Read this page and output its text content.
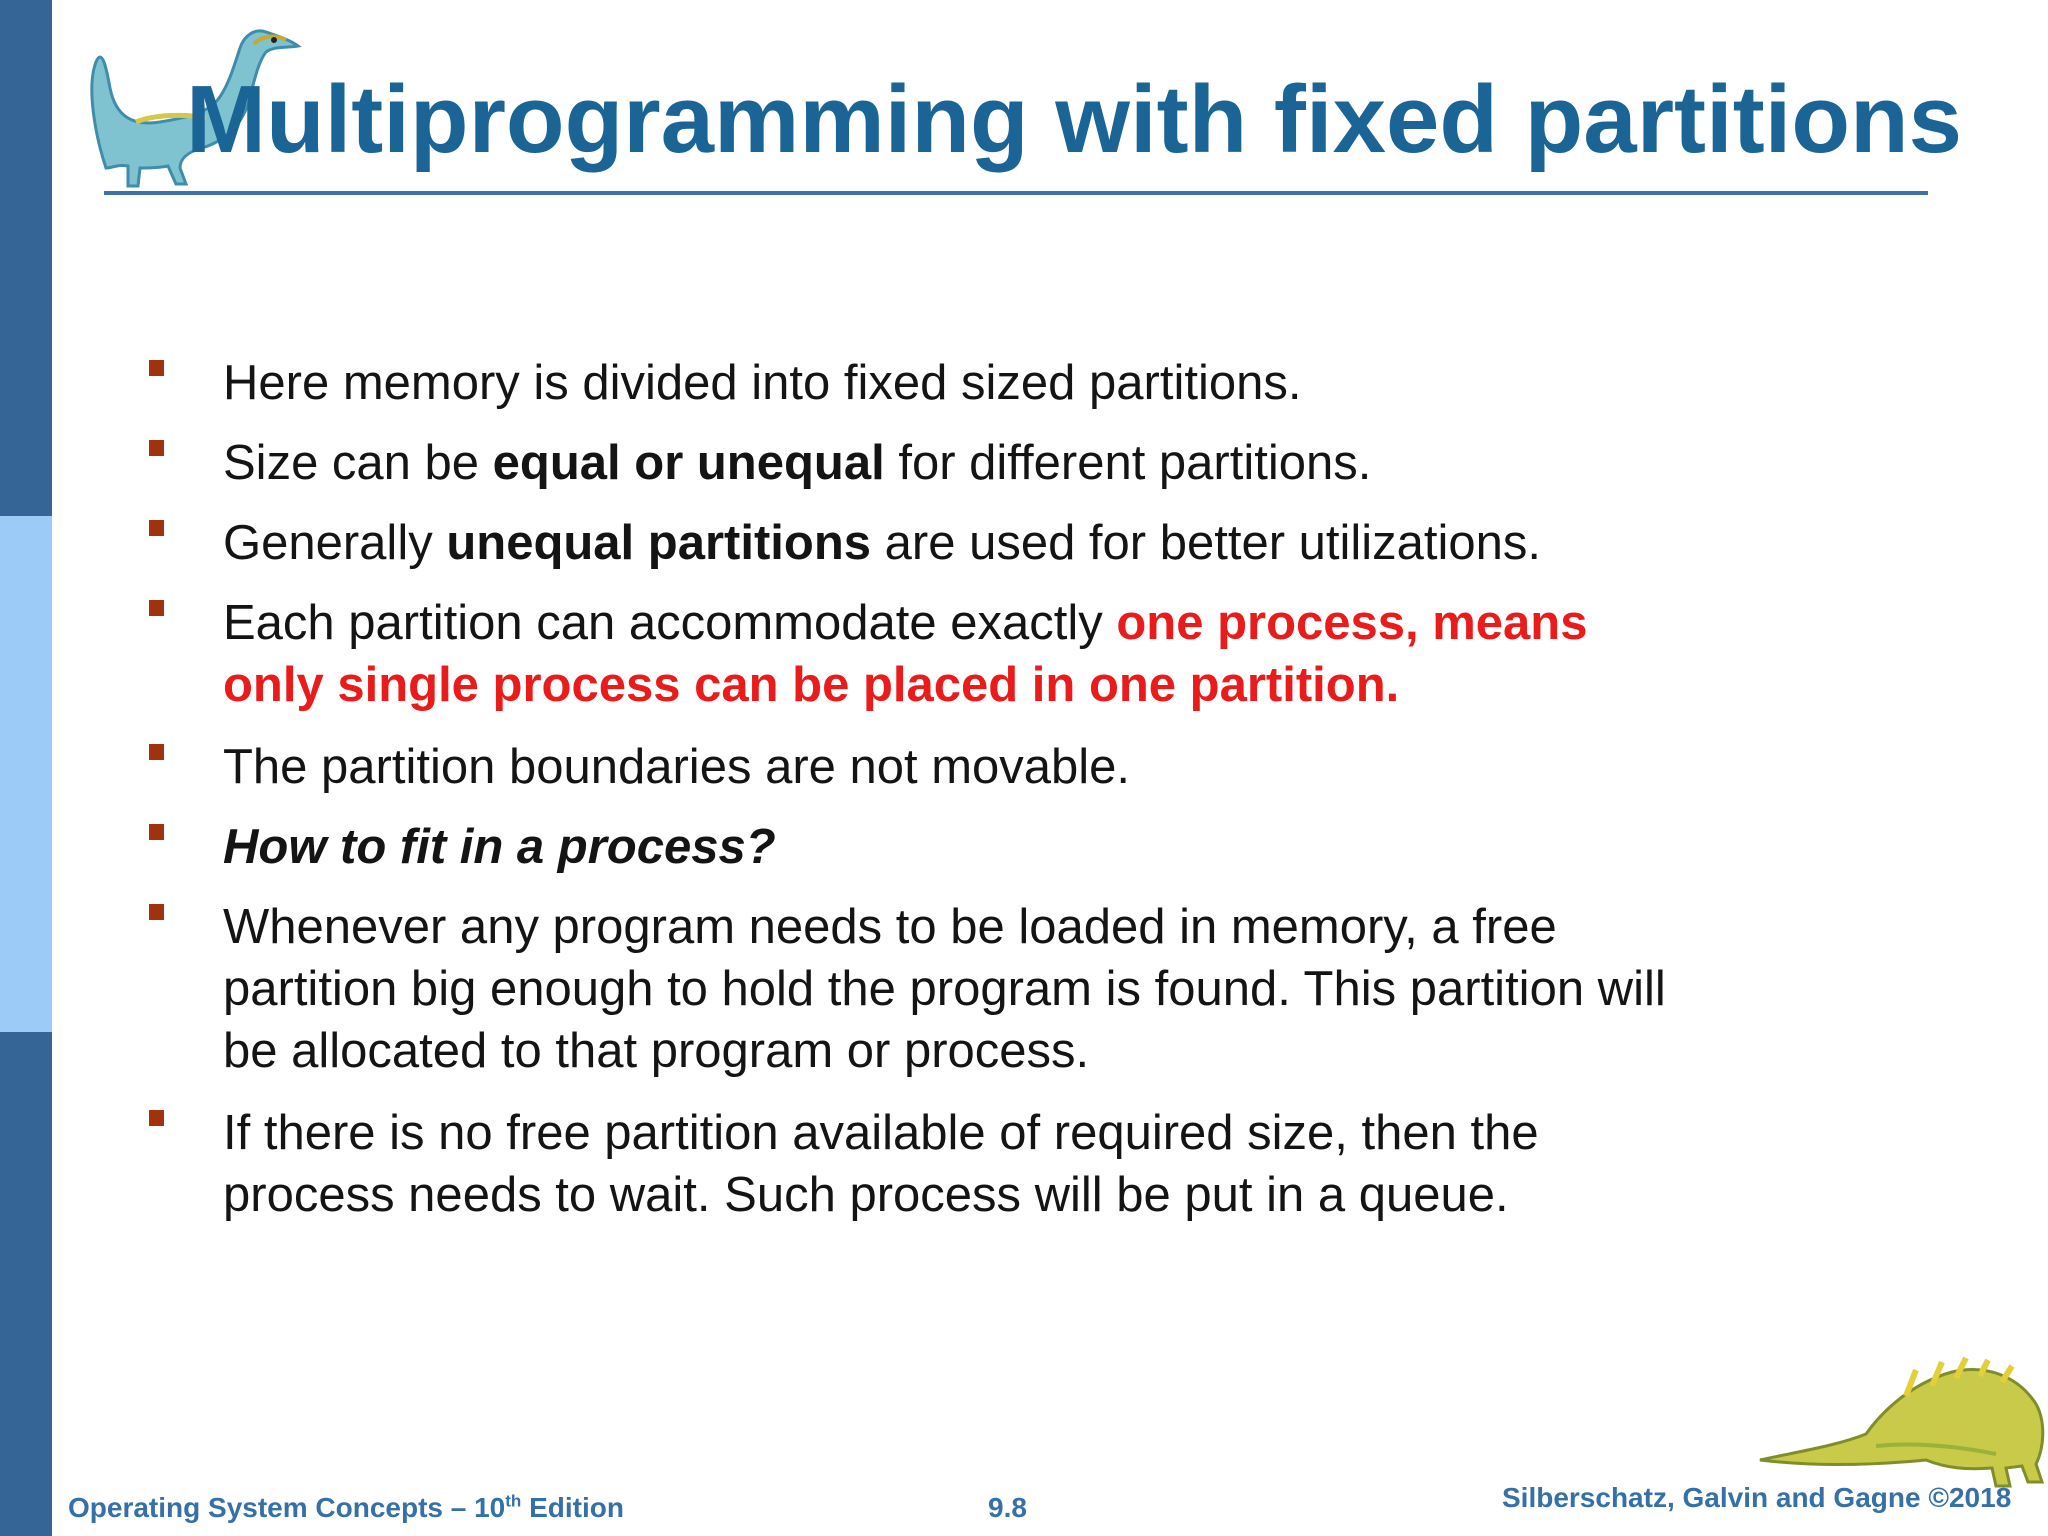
Multiprogramming with fixed partitions
Here memory is divided into fixed sized partitions.
Size can be equal or unequal for different partitions.
Generally unequal partitions are used for better utilizations.
Each partition can accommodate exactly one process, means only single process can be placed in one partition.
The partition boundaries are not movable.
How to fit in a process?
Whenever any program needs to be loaded in memory, a free partition big enough to hold the program is found. This partition will be allocated to that program or process.
If there is no free partition available of required size, then the process needs to wait. Such process will be put in a queue.
Operating System Concepts – 10th Edition	9.8	Silberschatz, Galvin and Gagne ©2018
